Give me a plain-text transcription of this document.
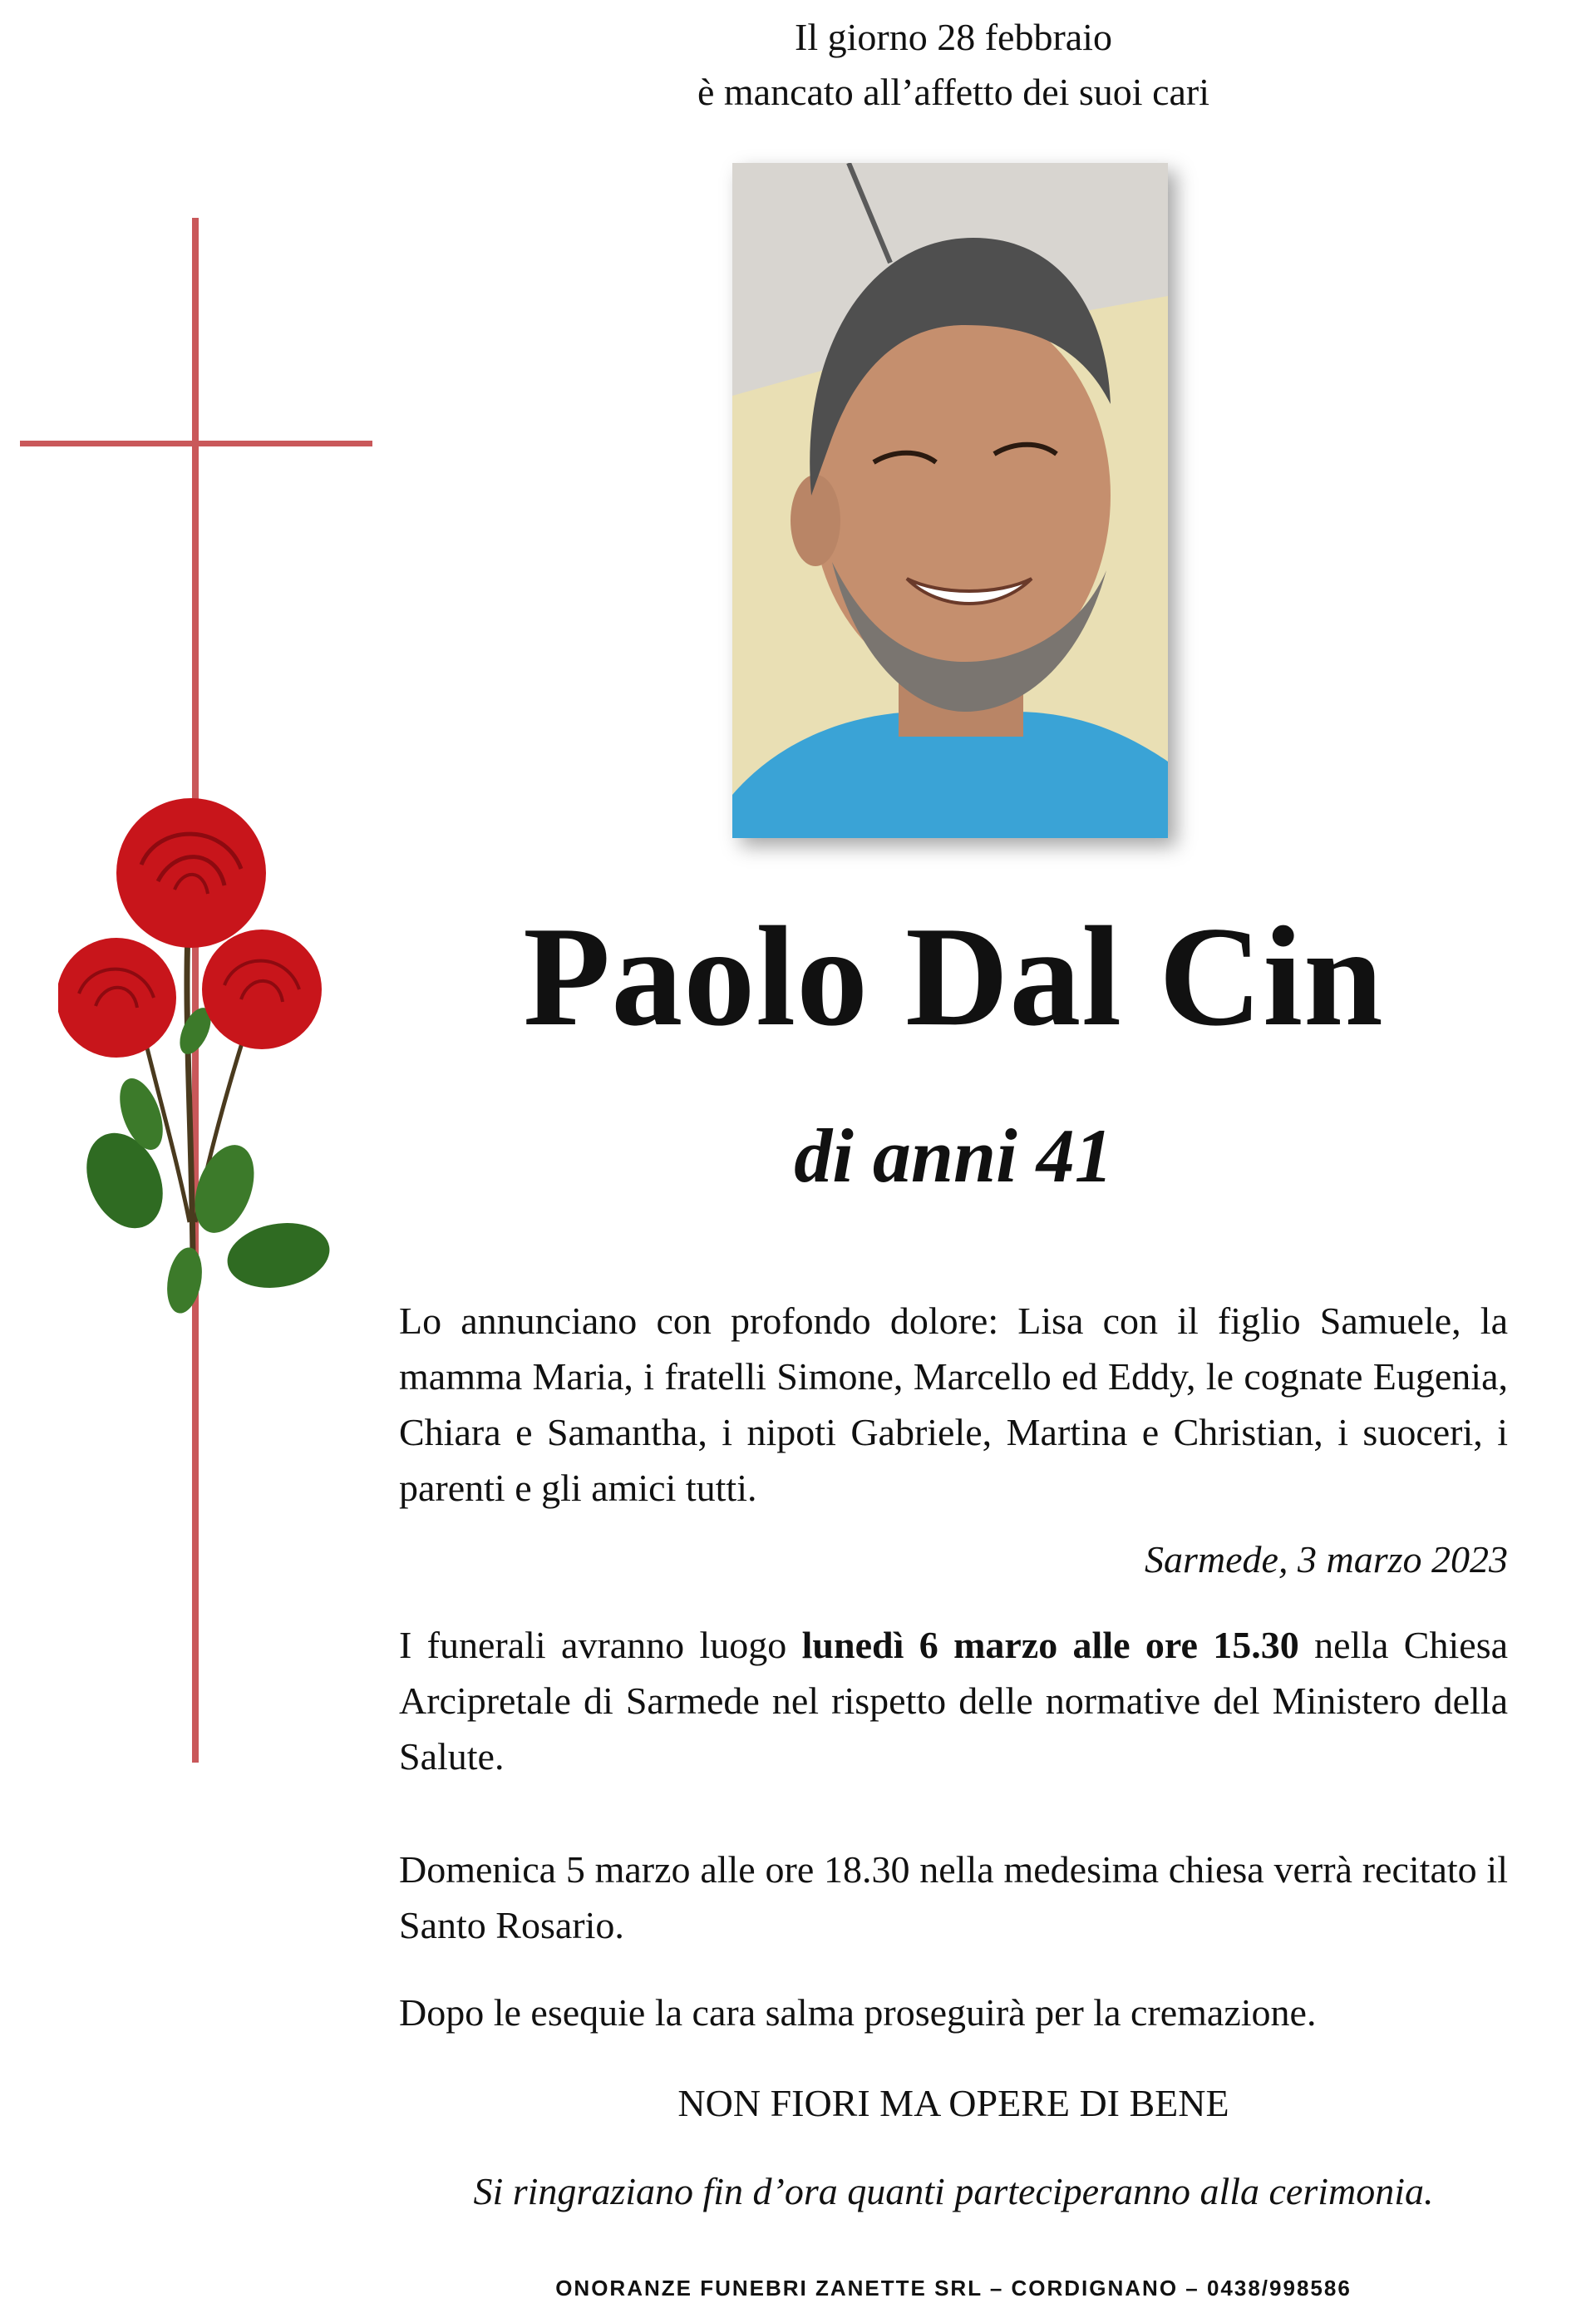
Il giorno 28 febbraio
è mancato all’affetto dei suoi cari
Paolo Dal Cin
di anni 41
Lo annunciano con profondo dolore: Lisa con il figlio Samuele, la mamma Maria, i fratelli Simone, Marcello ed Eddy, le cognate Eugenia, Chiara e Samantha, i nipoti Gabriele, Martina e Christian, i suoceri, i parenti e gli amici tutti.
Sarmede, 3 marzo 2023
I funerali avranno luogo lunedì 6 marzo alle ore 15.30 nella Chiesa Arcipretale di Sarmede nel rispetto delle normative del Ministero della Salute.
Domenica 5 marzo alle ore 18.30 nella medesima chiesa verrà recitato il Santo Rosario.
Dopo le esequie la cara salma proseguirà per la cremazione.
NON FIORI MA OPERE DI BENE
Si ringraziano fin d’ora quanti parteciperanno alla cerimonia.
ONORANZE FUNEBRI ZANETTE SRL – CORDIGNANO – 0438/998586
